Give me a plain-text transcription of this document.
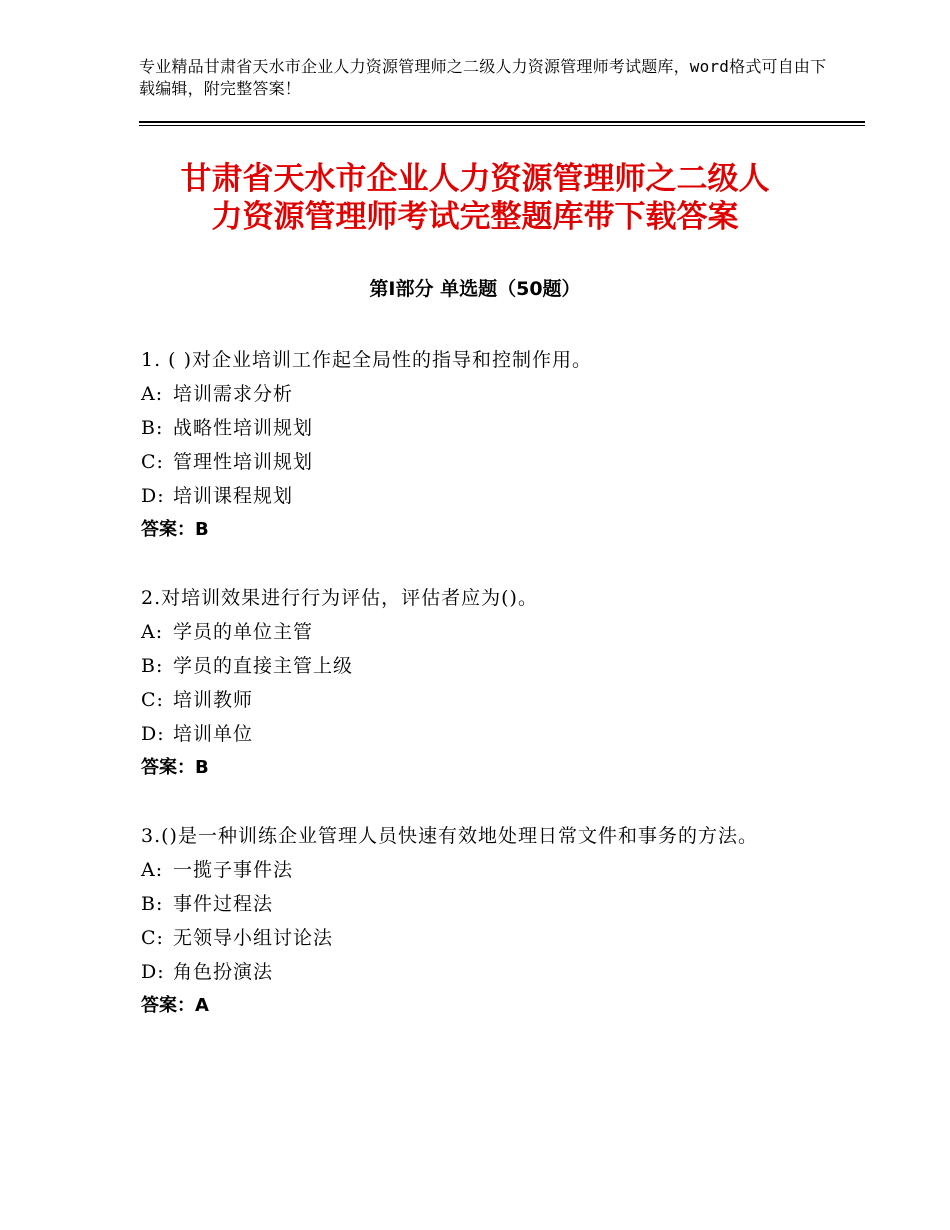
专业精品甘肃省天水市企业人力资源管理师之二级人力资源管理师考试题库，word格式可自由下载编辑，附完整答案！
甘肃省天水市企业人力资源管理师之二级人
力资源管理师考试完整题库带下载答案
第Ⅰ部分 单选题（50题）

1. ( )对企业培训工作起全局性的指导和控制作用。

A: 培训需求分析

B: 战略性培训规划

C: 管理性培训规划

D: 培训课程规划

答案：B

2.对培训效果进行行为评估，评估者应为()。

A: 学员的单位主管

B: 学员的直接主管上级

C: 培训教师

D: 培训单位

答案：B

3.()是一种训练企业管理人员快速有效地处理日常文件和事务的方法。

A: 一揽子事件法

B: 事件过程法

C: 无领导小组讨论法

D: 角色扮演法

答案：A
